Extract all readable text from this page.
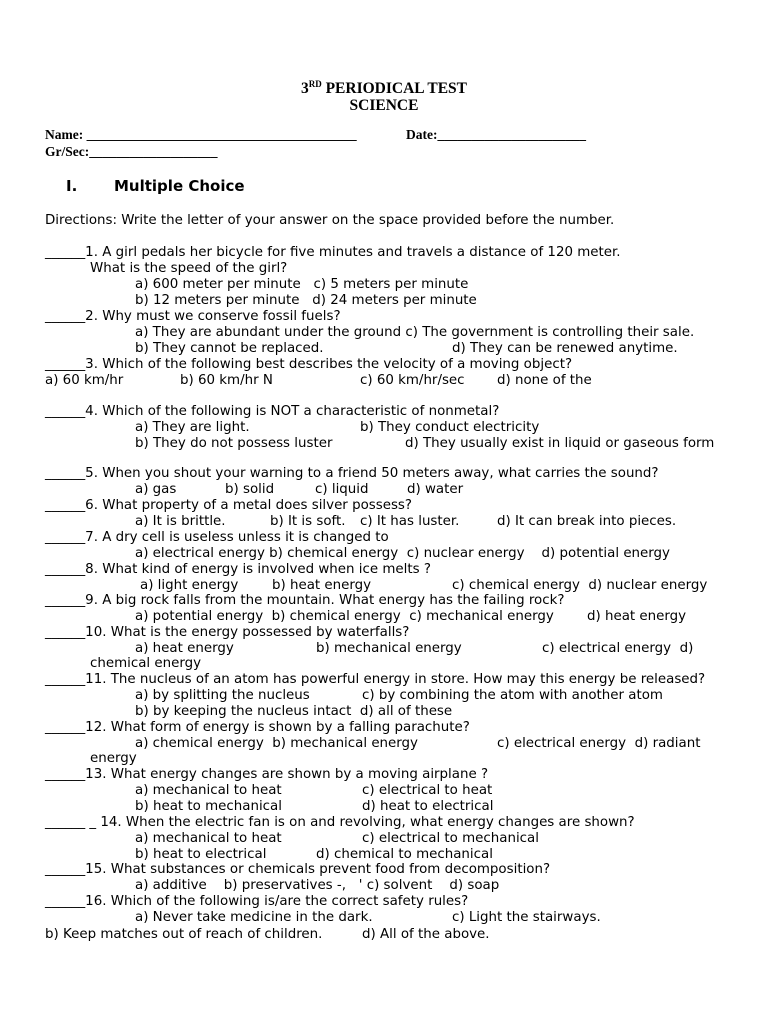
3RD PERIODICAL TEST
SCIENCE
Name: ________________________________________	Date:______________________
Gr/Sec:___________________
I. Multiple Choice
Directions: Write the letter of your answer on the space provided before the number.
______1. A girl pedals her bicycle for five minutes and travels a distance of 120 meter.
What is the speed of the girl?
a) 600 meter per minute   c) 5 meters per minute
b) 12 meters per minute   d) 24 meters per minute
______2. Why must we conserve fossil fuels?
a) They are abundant under the ground c) The government is controlling their sale.
b) They cannot be replaced.	d) They can be renewed anytime.
______3. Which of the following best describes the velocity of a moving object?
a) 60 km/hr	b) 60 km/hr N	c) 60 km/hr/sec d) none of the
______4. Which of the following is NOT a characteristic of nonmetal?
a) They are light.	b) They conduct electricity
b) They do not possess luster	d) They usually exist in liquid or gaseous form
______5. When you shout your warning to a friend 50 meters away, what carries the sound?
a) gas	b) solid	c) liquid	d) water
______6. What property of a metal does silver possess?
a) It is brittle.	b) It is soft. c) It has luster.	d) It can break into pieces.
______7. A dry cell is useless unless it is changed to
a) electrical energy b) chemical energy  c) nuclear energy    d) potential energy
______8. What kind of energy is involved when ice melts ?
a) light energy	b) heat energy	c) chemical energy  d) nuclear energy
______9. A big rock falls from the mountain. What energy has the failing rock?
a) potential energy  b) chemical energy  c) mechanical energy d) heat energy
______10. What is the energy possessed by waterfalls?
a) heat energy	b) mechanical energy	c) electrical energy  d)
chemical energy
______11. The nucleus of an atom has powerful energy in store. How may this energy be released?
a) by splitting the nucleus	c) by combining the atom with another atom
b) by keeping the nucleus intact  d) all of these
______12. What form of energy is shown by a falling parachute?
a) chemical energy  b) mechanical energy	c) electrical energy  d) radiant
energy
______13. What energy changes are shown by a moving airplane ?
a) mechanical to heat	c) electrical to heat
b) heat to mechanical	d) heat to electrical
______ _ 14. When the electric fan is on and revolving, what energy changes are shown?
a) mechanical to heat	c) electrical to mechanical
b) heat to electrical	d) chemical to mechanical
______15. What substances or chemicals prevent food from decomposition?
a) additive    b) preservatives -,   ' c) solvent    d) soap
______16. Which of the following is/are the correct safety rules?
a) Never take medicine in the dark.	c) Light the stairways.
b) Keep matches out of reach of children.	d) All of the above.
